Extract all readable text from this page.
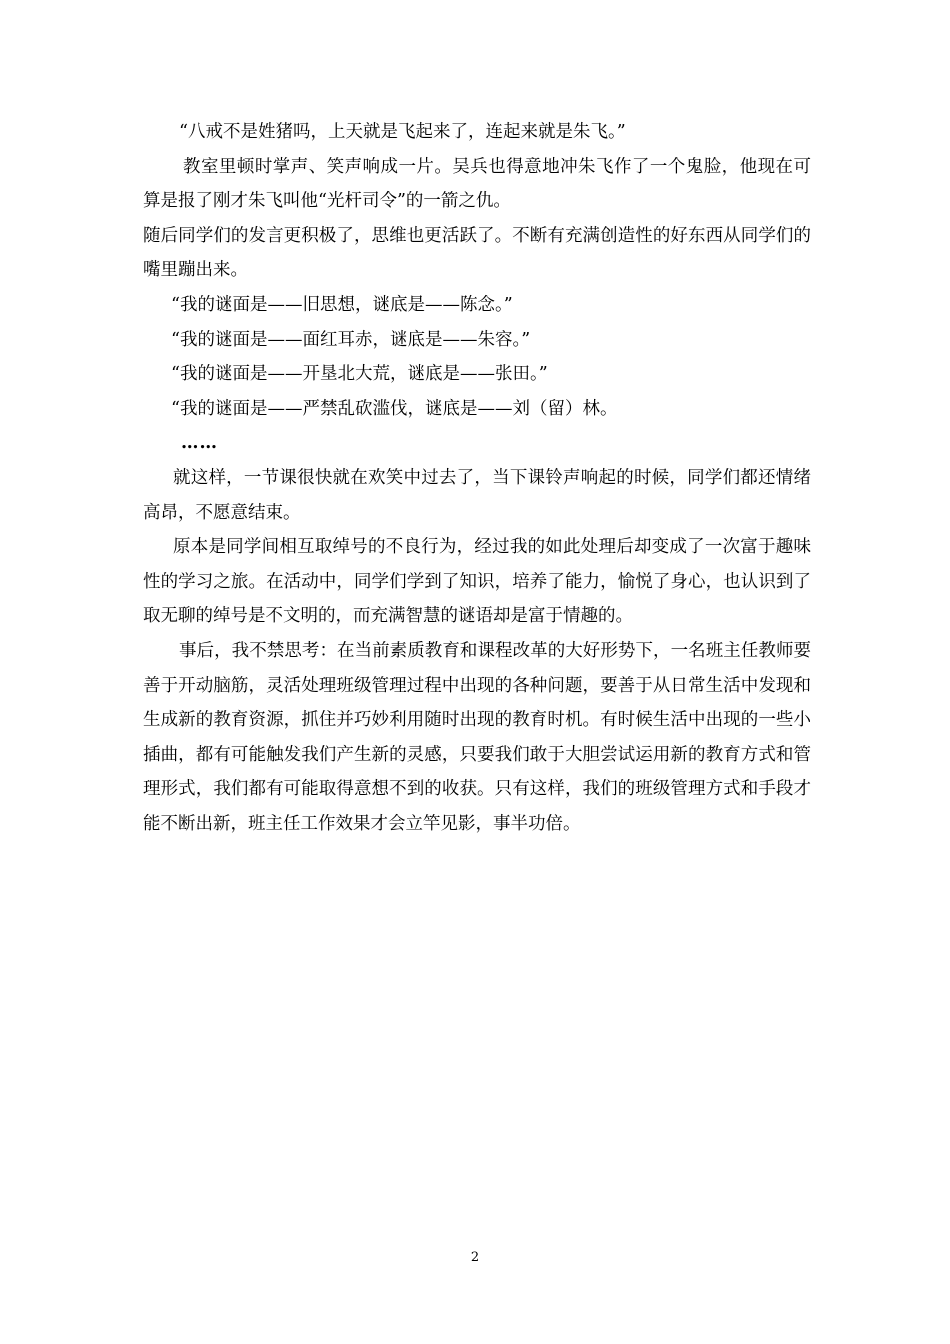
“八戒不是姓猪吗，上天就是飞起来了，连起来就是朱飞。”

教室里顿时掌声、笑声响成一片。吴兵也得意地冲朱飞作了一个鬼脸，他现在可算是报了刚才朱飞叫他“光杆司令”的一箭之仇。

随后同学们的发言更积极了，思维也更活跃了。不断有充满创造性的好东西从同学们的嘴里蹦出来。

“我的谜面是——旧思想，谜底是——陈念。”

“我的谜面是——面红耳赤，谜底是——朱容。”

“我的谜面是——开垦北大荒，谜底是——张田。”

“我的谜面是——严禁乱砍滥伐，谜底是——刘（留）林。

……

就这样，一节课很快就在欢笑中过去了，当下课铃声响起的时候，同学们都还情绪高昂，不愿意结束。

原本是同学间相互取绰号的不良行为，经过我的如此处理后却变成了一次富于趣味性的学习之旅。在活动中，同学们学到了知识，培养了能力，愉悦了身心，也认识到了取无聊的绰号是不文明的，而充满智慧的谜语却是富于情趣的。

事后，我不禁思考：在当前素质教育和课程改革的大好形势下，一名班主任教师要善于开动脑筋，灵活处理班级管理过程中出现的各种问题，要善于从日常生活中发现和生成新的教育资源，抓住并巧妙利用随时出现的教育时机。有时候生活中出现的一些小插曲，都有可能触发我们产生新的灵感，只要我们敢于大胆尝试运用新的教育方式和管理形式，我们都有可能取得意想不到的收获。只有这样，我们的班级管理方式和手段才能不断出新，班主任工作效果才会立竿见影，事半功倍。

2
